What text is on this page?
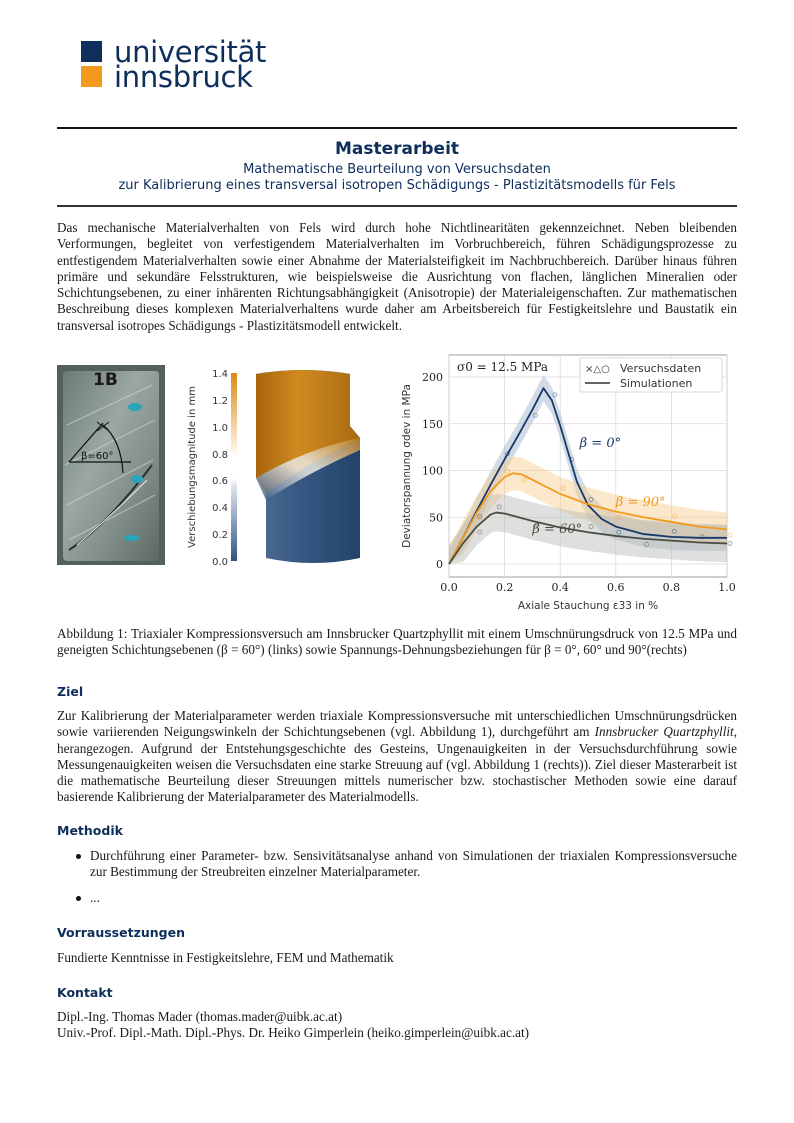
universität
innsbruck
Masterarbeit
Mathematische Beurteilung von Versuchsdaten
zur Kalibrierung eines transversal isotropen Schädigungs - Plastizitätsmodells für Fels
Das mechanische Materialverhalten von Fels wird durch hohe Nichtlinearitäten gekennzeichnet. Neben bleibenden Verformungen, begleitet von verfestigendem Materialverhalten im Vorbruchbereich, führen Schädigungsprozesse zu entfestigendem Materialverhalten sowie einer Abnahme der Materialsteifigkeit im Nachbruchbereich. Darüber hinaus führen primäre und sekundäre Felsstrukturen, wie beispielsweise die Ausrichtung von flachen, länglichen Mineralien oder Schichtungsebenen, zu einer inhärenten Richtungsabhängigkeit (Anisotropie) der Materialeigenschaften. Zur mathematischen Beschreibung dieses komplexen Materialverhaltens wurde daher am Arbeitsbereich für Festigkeitslehre und Baustatik ein transversal isotropes Schädigungs - Plastizitätsmodell entwickelt.
1B
β=60°
1.4
1.2
1.0
0.8
0.6
0.4
0.2
0.0
Verschiebungsmagnitude in mm	β = 0°
β = 90°
β = 60°
0.0	0.2	0.4	0.6	0.8	1.0
0
50
100
150
200
Axiale Stauchung ε33 in %
Deviatorspannung σdev in MPa
σ0 = 12.5 MPa	×△○ Versuchsdaten
Simulationen
Abbildung 1: Triaxialer Kompressionsversuch am Innsbrucker Quartzphyllit mit einem Umschnürungsdruck von 12.5 MPa und geneigten Schichtungsebenen (β = 60°) (links) sowie Spannungs-Dehnungsbeziehungen für β = 0°, 60° und 90°(rechts)
Ziel
Zur Kalibrierung der Materialparameter werden triaxiale Kompressionsversuche mit unterschiedlichen Umschnürungsdrücken sowie variierenden Neigungswinkeln der Schichtungsebenen (vgl. Abbildung 1), durchgeführt am Innsbrucker Quartzphyllit, herangezogen. Aufgrund der Entstehungsgeschichte des Gesteins, Ungenauigkeiten in der Versuchsdurchführung sowie Messungenauigkeiten weisen die Versuchsdaten eine starke Streuung auf (vgl. Abbildung 1 (rechts)). Ziel dieser Masterarbeit ist die mathematische Beurteilung dieser Streuungen mittels numerischer bzw. stochastischer Methoden sowie eine darauf basierende Kalibrierung der Materialparameter des Materialmodells.
Methodik
Durchführung einer Parameter- bzw. Sensivitätsanalyse anhand von Simulationen der triaxialen Kompressionsversuche zur Bestimmung der Streubreiten einzelner Materialparameter.
...
Vorraussetzungen
Fundierte Kenntnisse in Festigkeitslehre, FEM und Mathematik
Kontakt
Dipl.-Ing. Thomas Mader (thomas.mader@uibk.ac.at)
Univ.-Prof. Dipl.-Math. Dipl.-Phys. Dr. Heiko Gimperlein (heiko.gimperlein@uibk.ac.at)
